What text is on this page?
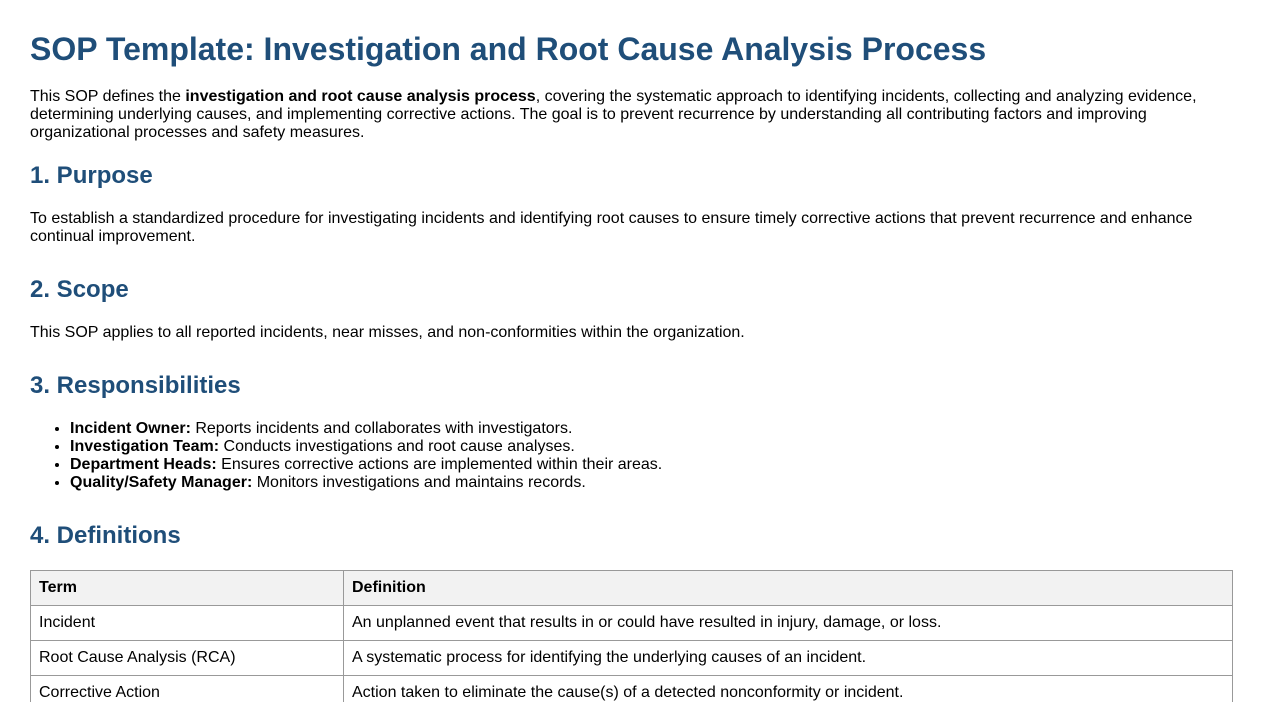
SOP Template: Investigation and Root Cause Analysis Process

This SOP defines the investigation and root cause analysis process, covering the systematic approach to identifying incidents, collecting and analyzing evidence, determining underlying causes, and implementing corrective actions. The goal is to prevent recurrence by understanding all contributing factors and improving organizational processes and safety measures.

1. Purpose

To establish a standardized procedure for investigating incidents and identifying root causes to ensure timely corrective actions that prevent recurrence and enhance continual improvement.

2. Scope

This SOP applies to all reported incidents, near misses, and non-conformities within the organization.

3. Responsibilities
• Incident Owner: Reports incidents and collaborates with investigators.
• Investigation Team: Conducts investigations and root cause analyses.
• Department Heads: Ensures corrective actions are implemented within their areas.
• Quality/Safety Manager: Monitors investigations and maintains records.
4. Definitions
Term	Definition
Incident	An unplanned event that results in or could have resulted in injury, damage, or loss.
Root Cause Analysis (RCA)	A systematic process for identifying the underlying causes of an incident.
Corrective Action	Action taken to eliminate the cause(s) of a detected nonconformity or incident.
